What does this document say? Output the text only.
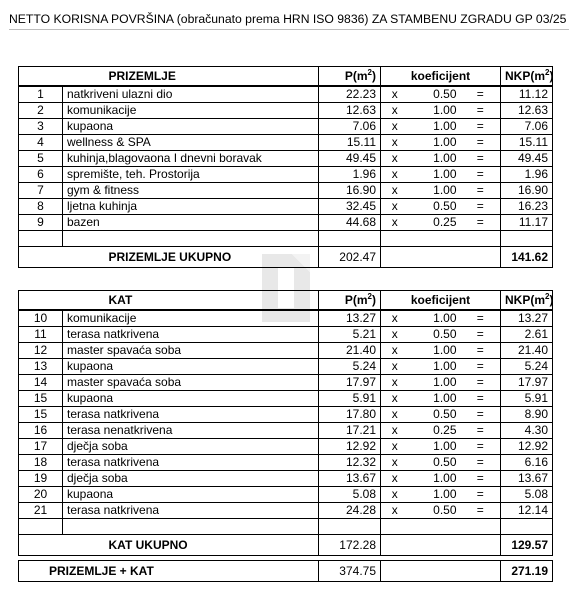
NETTO KORISNA POVRŠINA (obračunato prema HRN ISO 9836) ZA STAMBENU ZGRADU GP 03/25
	PRIZEMLJE	$P(m^2)$	koeficijent			$NKP(m^2)$
1	natkriveni ulazni dio	22.23	x	0.50	=	11.12
2	komunikacije	12.63	x	1.00	=	12.63
3	kupaona	7.06	x	1.00	=	7.06
4	wellness & SPA	15.11	x	1.00	=	15.11
5	kuhinja,blagovaona I dnevni boravak	49.45	x	1.00	=	49.45
6	spremište, teh. Prostorija	1.96	x	1.00	=	1.96
7	gym & fitness	16.90	x	1.00	=	16.90
8	ljetna kuhinja	32.45	x	0.50	=	16.23
9	bazen	44.68	x	0.25	=	11.17

	PRIZEMLJE UKUPNO	202.47				141.62
	KAT	$P(m^2)$	koeficijent			$NKP(m^2)$
10	komunikacije	13.27	x	1.00	=	13.27
11	terasa natkrivena	5.21	x	0.50	=	2.61
12	master spavaća soba	21.40	x	1.00	=	21.40
13	kupaona	5.24	x	1.00	=	5.24
14	master spavaća soba	17.97	x	1.00	=	17.97
15	kupaona	5.91	x	1.00	=	5.91
15	terasa natkrivena	17.80	x	0.50	=	8.90
16	terasa nenatkrivena	17.21	x	0.25	=	4.30
17	dječja soba	12.92	x	1.00	=	12.92
18	terasa natkrivena	12.32	x	0.50	=	6.16
19	dječja soba	13.67	x	1.00	=	13.67
20	kupaona	5.08	x	1.00	=	5.08
21	terasa natkrivena	24.28	x	0.50	=	12.14

	KAT UKUPNO	172.28				129.57

PRIZEMLJE + KAT		374.75				271.19
